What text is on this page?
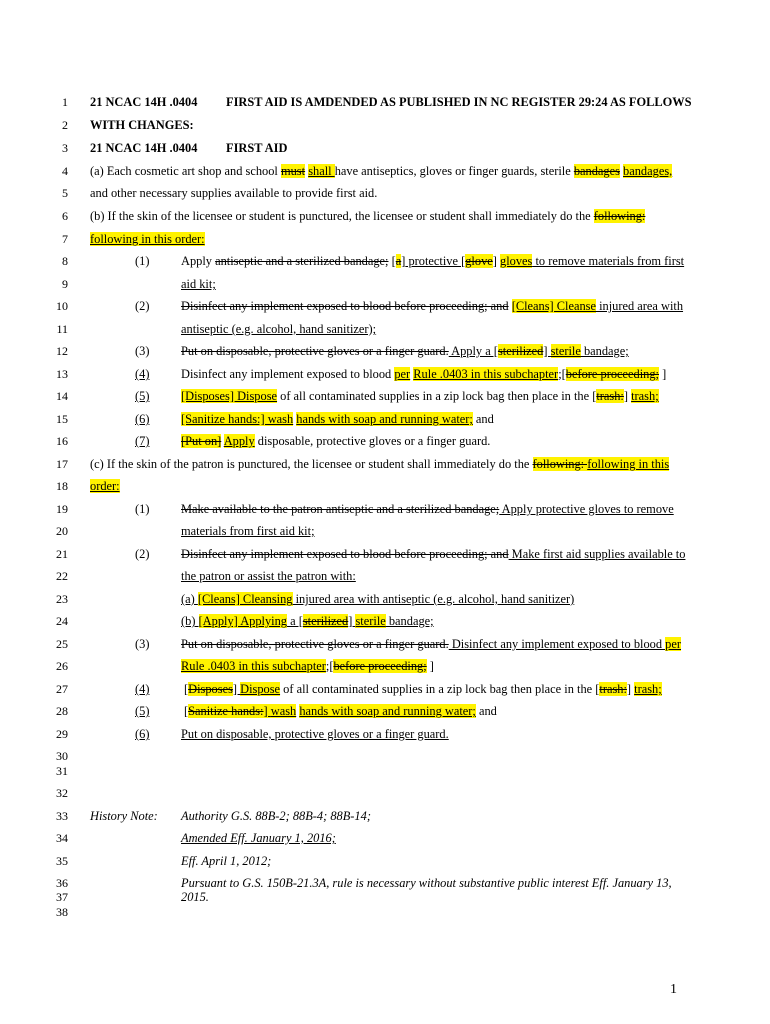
1
2
3
4
5
6
7
8
9
10
11
12
13
14
15
16
17
18
19
20
21
22
23
24
25
26
27
28
29
30
31
32
33
34
35
36
37
38
21 NCAC 14H .0404 FIRST AID IS AMDENDED AS PUBLISHED IN NC REGISTER 29:24 AS FOLLOWS
WITH CHANGES:
21 NCAC 14H .0404 FIRST AID
(a) Each cosmetic art shop and school must shall have antiseptics, gloves or finger guards, sterile bandages bandages,
and other necessary supplies available to provide first aid.
(b) If the skin of the licensee or student is punctured, the licensee or student shall immediately do the following:
following in this order:
(1)	Apply antiseptic and a sterilized bandage; [a] protective [glove] gloves to remove materials from first
aid kit;
(2)	Disinfect any implement exposed to blood before proceeding; and [Cleans] Cleanse injured area with
antiseptic (e.g. alcohol, hand sanitizer);
(3)	Put on disposable, protective gloves or a finger guard. Apply a [sterilized] sterile bandage;
(4)	Disinfect any implement exposed to blood per Rule .0403 in this subchapter;[before proceeding; ]
(5)	[Disposes] Dispose of all contaminated supplies in a zip lock bag then place in the [trash:] trash;
(6)	[Sanitize hands:] wash hands with soap and running water; and
(7)	[Put on] Apply disposable, protective gloves or a finger guard.
(c) If the skin of the patron is punctured, the licensee or student shall immediately do the following: following in this
order:
(1)	Make available to the patron antiseptic and a sterilized bandage; Apply protective gloves to remove
materials from first aid kit;
(2)	Disinfect any implement exposed to blood before proceeding; and Make first aid supplies available to
the patron or assist the patron with:
(a) [Cleans] Cleansing injured area with antiseptic (e.g. alcohol, hand sanitizer)
(b) [Apply] Applying a [sterilized] sterile bandage;
(3)	Put on disposable, protective gloves or a finger guard. Disinfect any implement exposed to blood per
Rule .0403 in this subchapter;[before proceeding; ]
(4)	[Disposes] Dispose of all contaminated supplies in a zip lock bag then place in the [trash:] trash;
(5)	[Sanitize hands:] wash hands with soap and running water; and
(6)	Put on disposable, protective gloves or a finger guard.
History Note: Authority G.S. 88B-2; 88B-4; 88B-14;
Amended Eff. January 1, 2016;
Eff. April 1, 2012;
Pursuant to G.S. 150B-21.3A, rule is necessary without substantive public interest Eff. January 13,
2015.
1
